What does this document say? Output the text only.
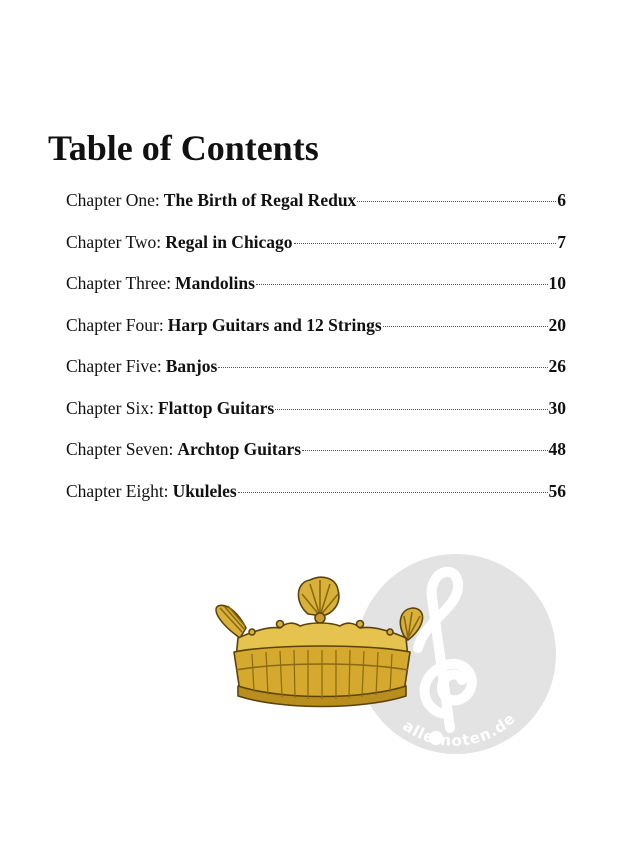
Table of Contents
Chapter One: The Birth of Regal Redux	6
Chapter Two: Regal in Chicago	7
Chapter Three: Mandolins	10
Chapter Four: Harp Guitars and 12 Strings	20
Chapter Five: Banjos	26
Chapter Six: Flattop Guitars	30
Chapter Seven: Archtop Guitars	48
Chapter Eight: Ukuleles	56
alle-noten.de
